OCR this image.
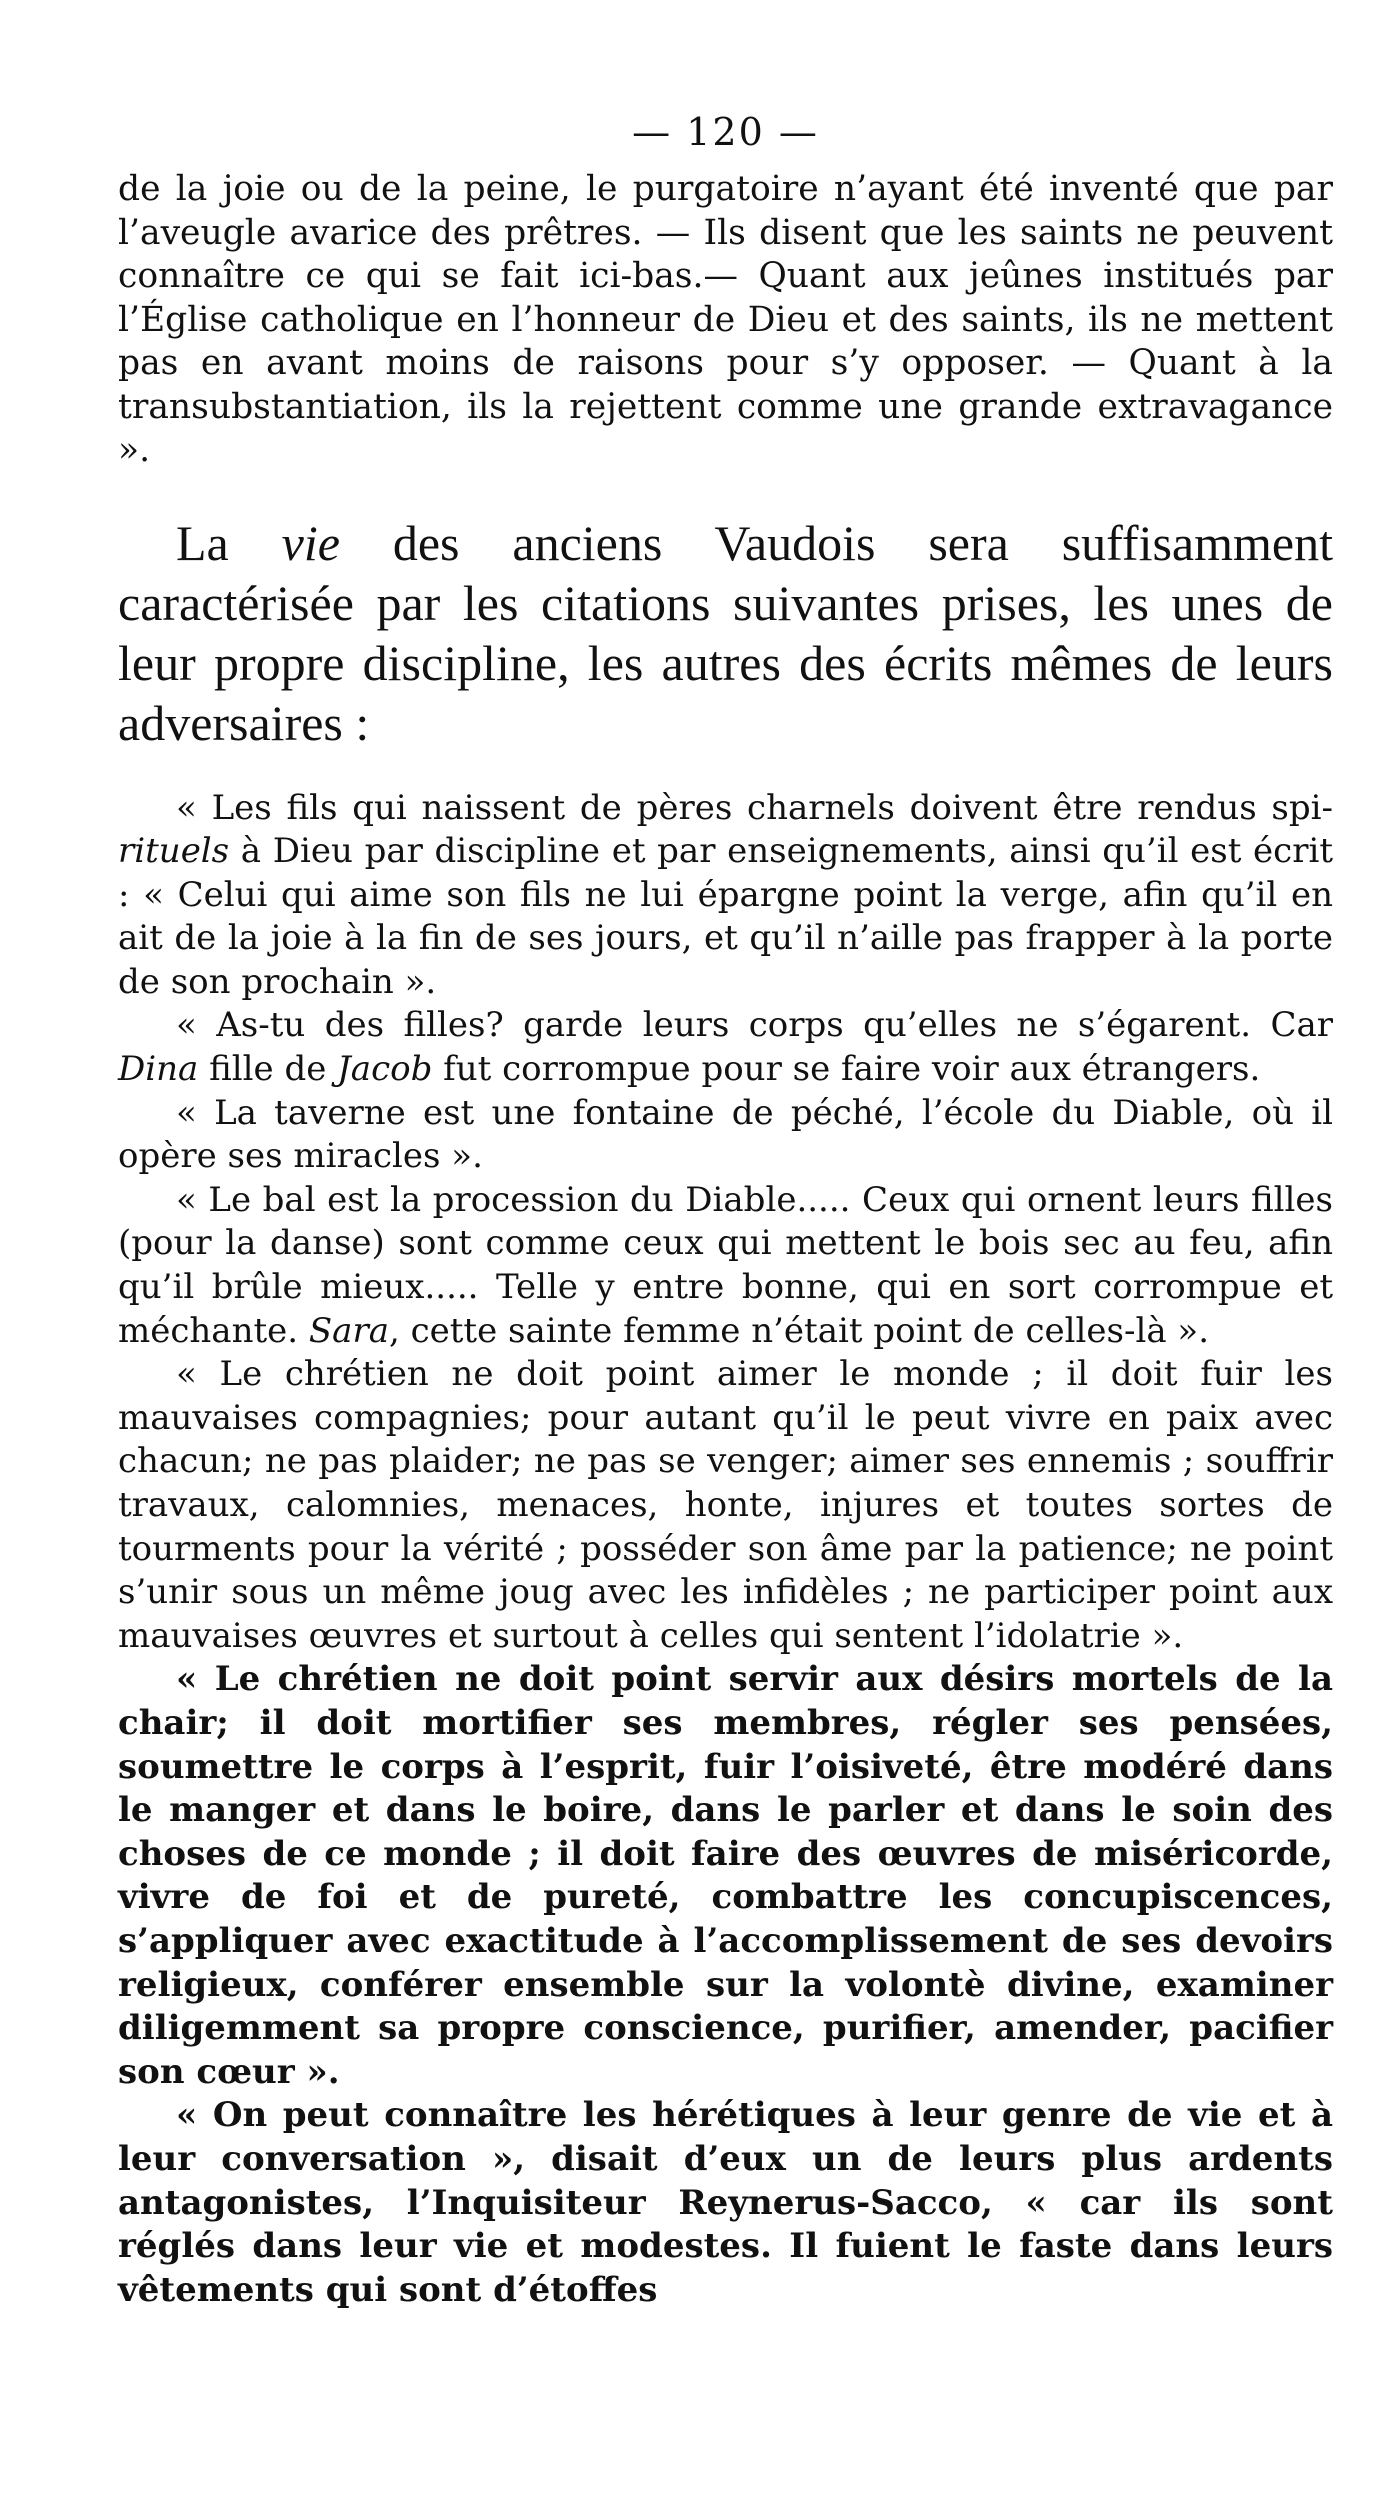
— 120 —

de la joie ou de la peine, le purgatoire n’ayant été inventé que par l’aveugle avarice des prêtres. — Ils disent que les saints ne peuvent connaître ce qui se fait ici-bas.— Quant aux jeûnes institués par l’Église catholique en l’honneur de Dieu et des saints, ils ne mettent pas en avant moins de raisons pour s’y opposer. — Quant à la transubstantiation, ils la rejettent comme une grande extravagance ».

La vie des anciens Vaudois sera suffisamment caractérisée par les citations suivantes prises, les unes de leur propre discipline, les autres des écrits mêmes de leurs adversaires :

« Les fils qui naissent de pères charnels doivent être rendus spi-rituels à Dieu par discipline et par enseignements, ainsi qu’il est écrit : « Celui qui aime son fils ne lui épargne point la verge, afin qu’il en ait de la joie à la fin de ses jours, et qu’il n’aille pas frapper à la porte de son prochain ».

« As-tu des filles? garde leurs corps qu’elles ne s’égarent. Car Dina fille de Jacob fut corrompue pour se faire voir aux étrangers.

« La taverne est une fontaine de péché, l’école du Diable, où il opère ses miracles ».

« Le bal est la procession du Diable..... Ceux qui ornent leurs filles (pour la danse) sont comme ceux qui mettent le bois sec au feu, afin qu’il brûle mieux..... Telle y entre bonne, qui en sort corrompue et méchante. Sara, cette sainte femme n’était point de celles-là ».

« Le chrétien ne doit point aimer le monde ; il doit fuir les mauvaises compagnies; pour autant qu’il le peut vivre en paix avec chacun; ne pas plaider; ne pas se venger; aimer ses ennemis ; souffrir travaux, calomnies, menaces, honte, injures et toutes sortes de tourments pour la vérité ; posséder son âme par la patience; ne point s’unir sous un même joug avec les infidèles ; ne participer point aux mauvaises œuvres et surtout à celles qui sentent l’idolatrie ».

« Le chrétien ne doit point servir aux désirs mortels de la chair; il doit mortifier ses membres, régler ses pensées, soumettre le corps à l’esprit, fuir l’oisiveté, être modéré dans le manger et dans le boire, dans le parler et dans le soin des choses de ce monde ; il doit faire des œuvres de miséricorde, vivre de foi et de pureté, combattre les concupiscences, s’appliquer avec exactitude à l’accomplissement de ses devoirs religieux, conférer ensemble sur la volontè divine, examiner diligemment sa propre conscience, purifier, amender, pacifier son cœur ».

« On peut connaître les hérétiques à leur genre de vie et à leur conversation », disait d’eux un de leurs plus ardents antagonistes, l’Inquisiteur Reynerus-Sacco, « car ils sont réglés dans leur vie et modestes. Il fuient le faste dans leurs vêtements qui sont d’étoffes
